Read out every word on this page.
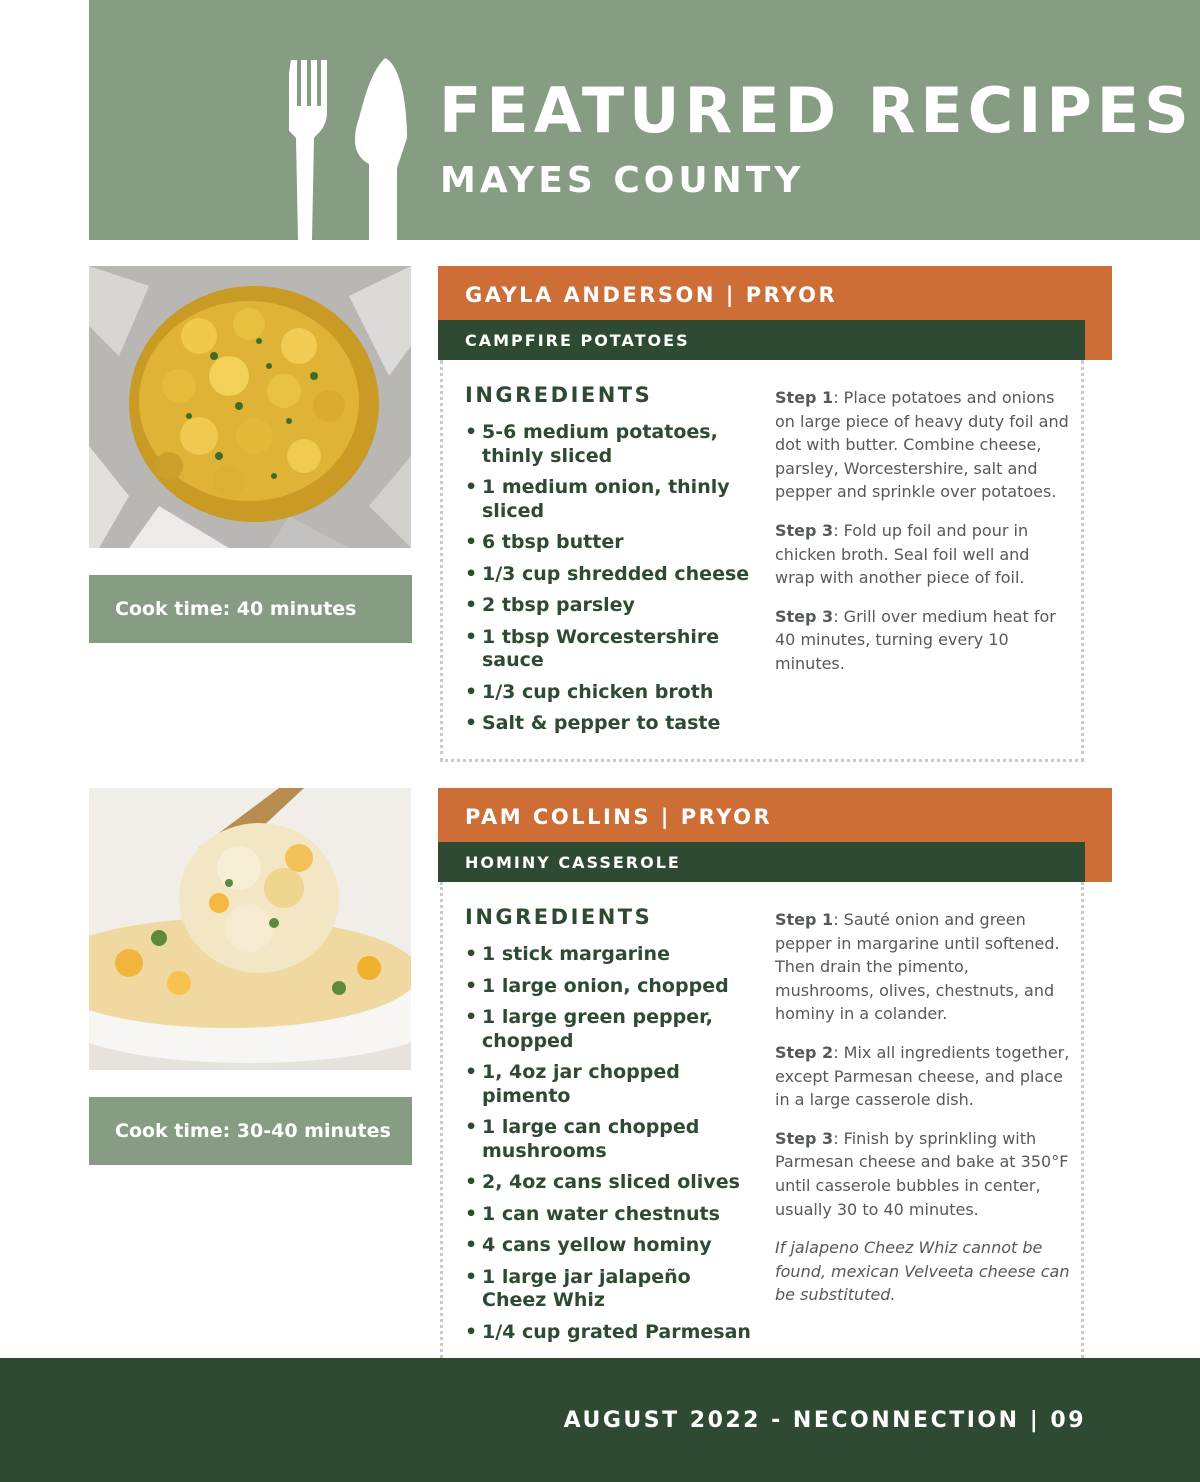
FEATURED RECIPES
MAYES COUNTY
Cook time: 40 minutes
GAYLA ANDERSON | PRYOR
CAMPFIRE POTATOES
INGREDIENTS
• 5-6 medium potatoes, thinly sliced
• 1 medium onion, thinly sliced
• 6 tbsp butter
• 1/3 cup shredded cheese
• 2 tbsp parsley
• 1 tbsp Worcestershire sauce
• 1/3 cup chicken broth
• Salt & pepper to taste

Step 1: Place potatoes and onions on large piece of heavy duty foil and dot with butter. Combine cheese, parsley, Worcestershire, salt and pepper and sprinkle over potatoes.

Step 3: Fold up foil and pour in chicken broth. Seal foil well and wrap with another piece of foil.

Step 3: Grill over medium heat for 40 minutes, turning every 10 minutes.

Cook time: 30-40 minutes
PAM COLLINS | PRYOR
HOMINY CASSEROLE
INGREDIENTS
• 1 stick margarine
• 1 large onion, chopped
• 1 large green pepper, chopped
• 1, 4oz jar chopped pimento
• 1 large can chopped mushrooms
• 2, 4oz cans sliced olives
• 1 can water chestnuts
• 4 cans yellow hominy
• 1 large jar jalapeño Cheez Whiz
• 1/4 cup grated Parmesan

Step 1: Sauté onion and green pepper in margarine until softened. Then drain the pimento, mushrooms, olives, chestnuts, and hominy in a colander.

Step 2: Mix all ingredients together, except Parmesan cheese, and place in a large casserole dish.

Step 3: Finish by sprinkling with Parmesan cheese and bake at 350°F until casserole bubbles in center, usually 30 to 40 minutes.

If jalapeno Cheez Whiz cannot be found, mexican Velveeta cheese can be substituted.

AUGUST 2022 - NECONNECTION | 09
